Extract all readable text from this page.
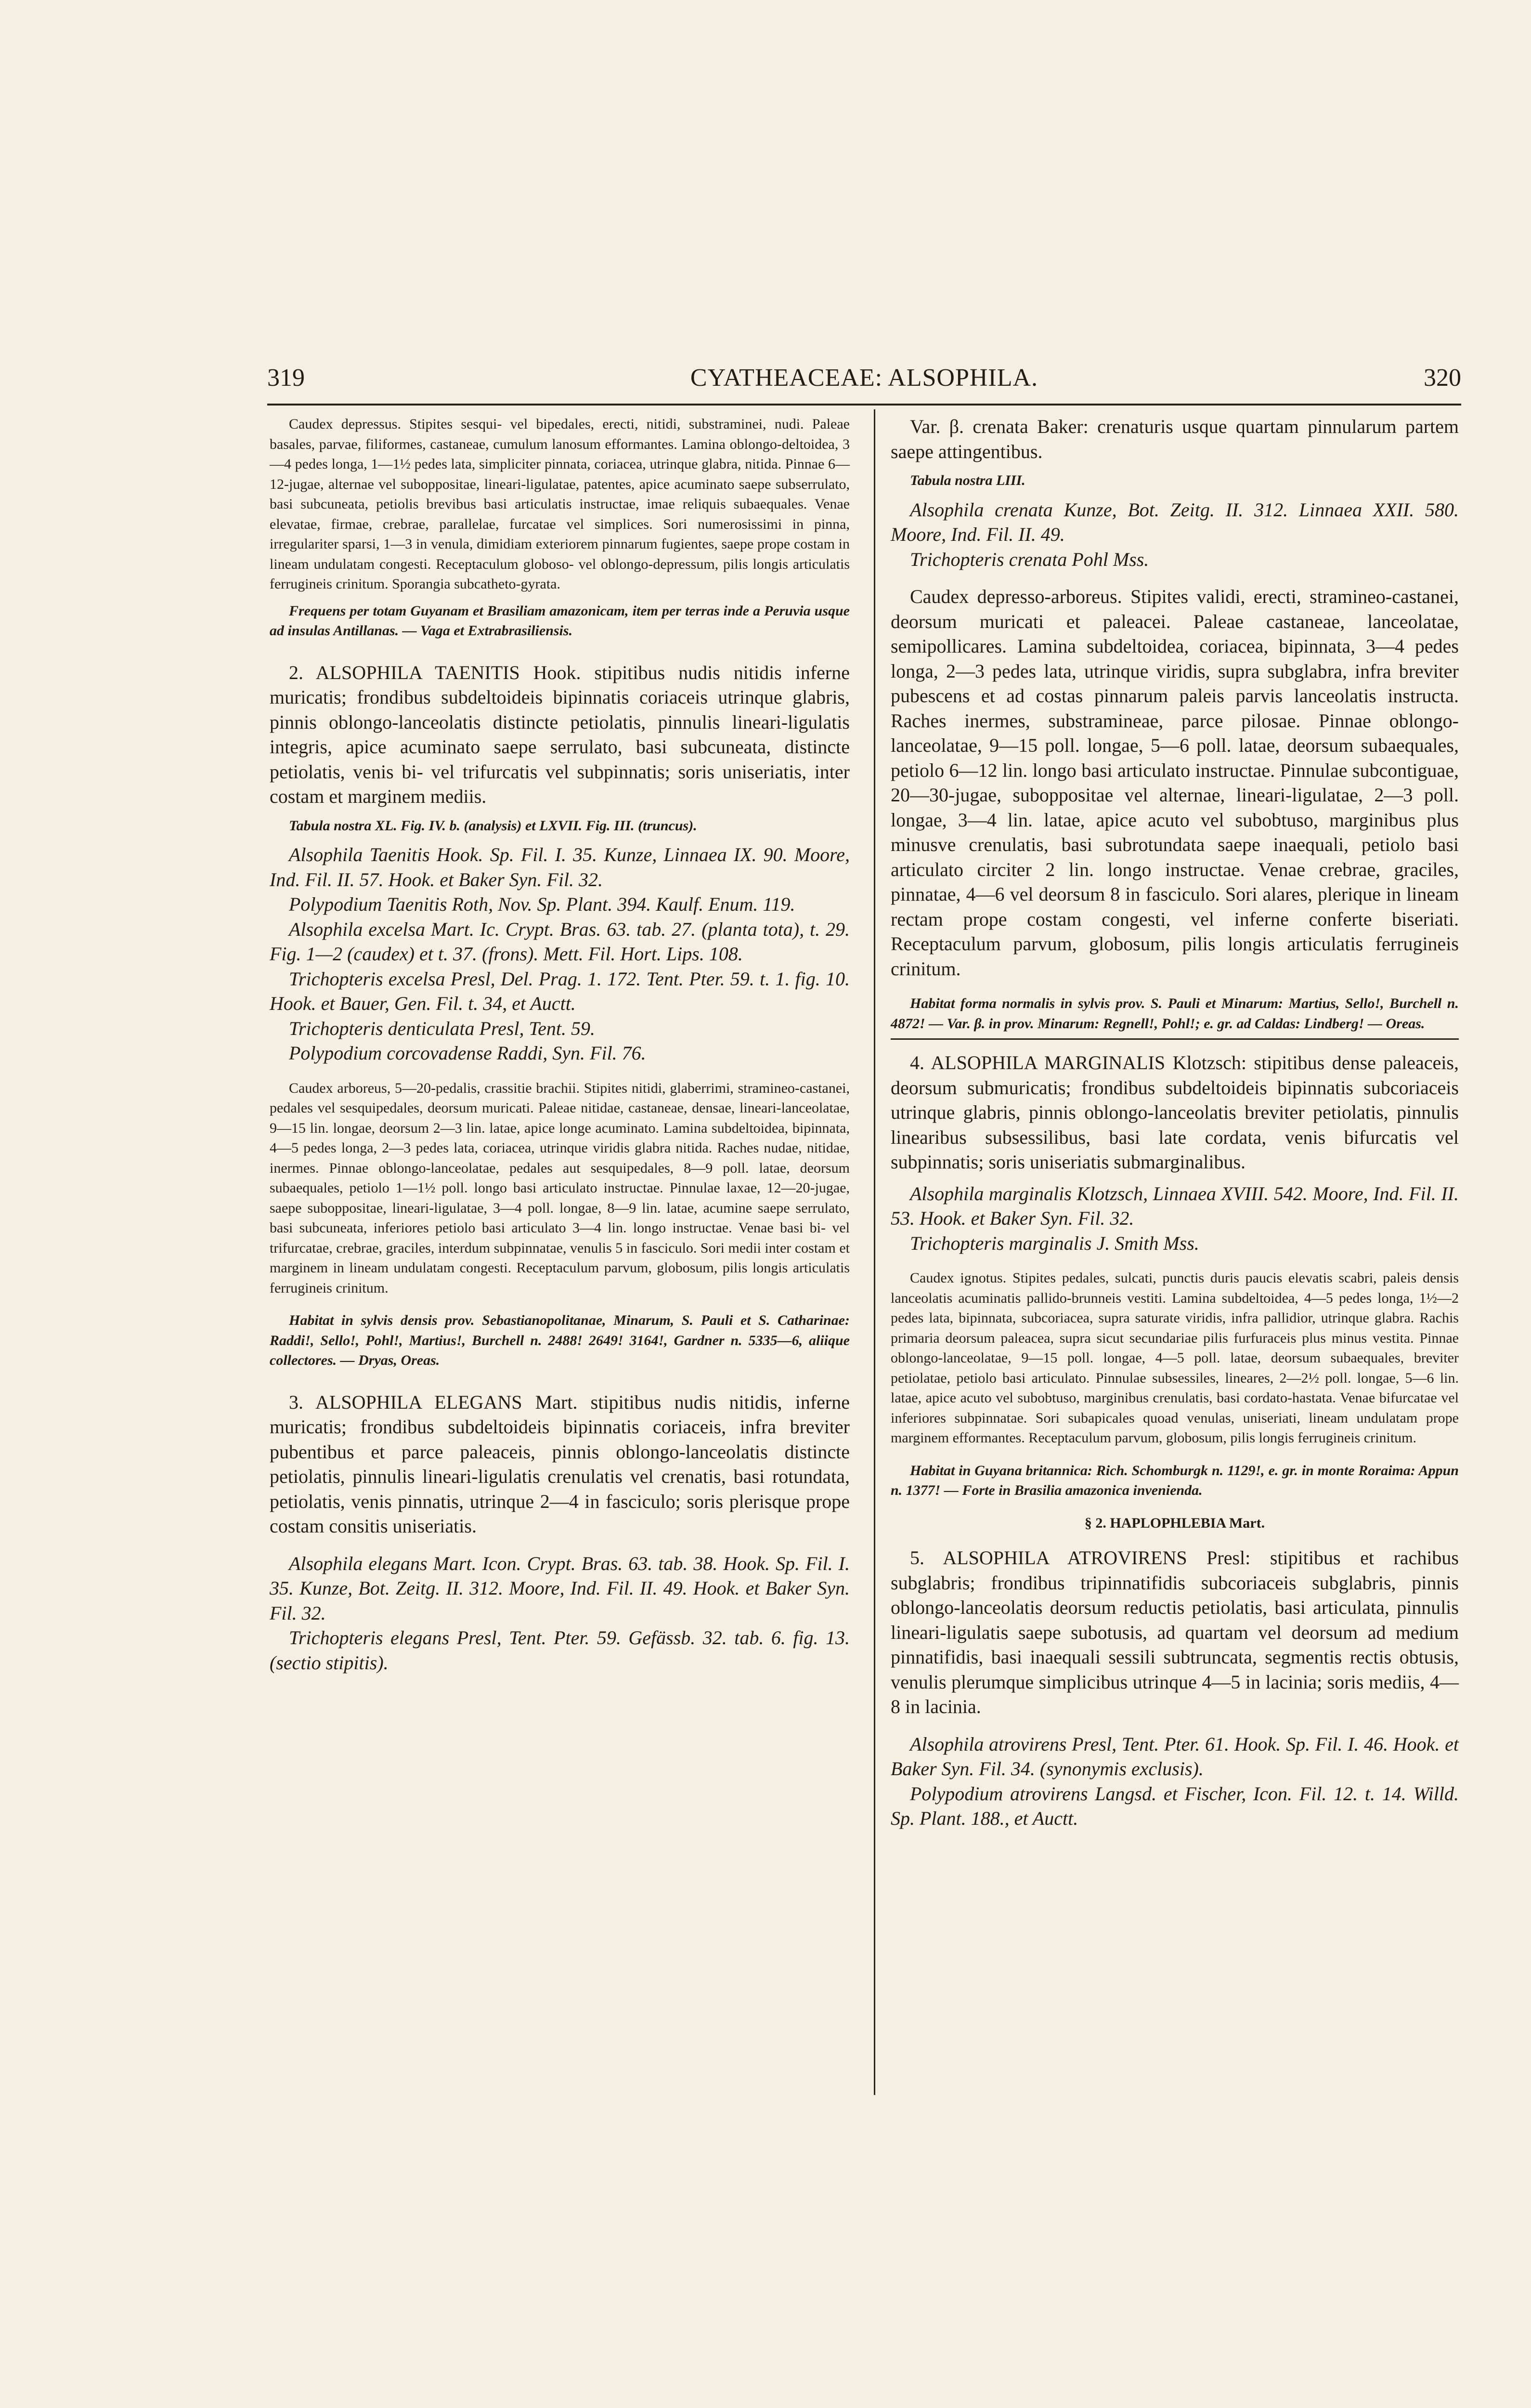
319	CYATHEACEAE: ALSOPHILA.	320

Caudex depressus. Stipites sesqui- vel bipedales, erecti, nitidi, substraminei, nudi. Paleae basales, parvae, filiformes, castaneae, cumulum lanosum efformantes. Lamina oblongo-deltoidea, 3—4 pedes longa, 1—1½ pedes lata, simpliciter pinnata, coriacea, utrinque glabra, nitida. Pinnae 6—12-jugae, alternae vel suboppositae, lineari-ligulatae, patentes, apice acuminato saepe subserrulato, basi subcuneata, petiolis brevibus basi articulatis instructae, imae reliquis subaequales. Venae elevatae, firmae, crebrae, parallelae, furcatae vel simplices. Sori numerosissimi in pinna, irregulariter sparsi, 1—3 in venula, dimidiam exteriorem pinnarum fugientes, saepe prope costam in lineam undulatam congesti. Receptaculum globoso- vel oblongo-depressum, pilis longis articulatis ferrugineis crinitum. Sporangia subcatheto-gyrata.

Frequens per totam Guyanam et Brasiliam amazonicam, item per terras inde a Peruvia usque ad insulas Antillanas. — Vaga et Extrabrasiliensis.

2. ALSOPHILA TAENITIS Hook. stipitibus nudis nitidis inferne muricatis; frondibus subdeltoideis bipinnatis coriaceis utrinque glabris, pinnis oblongo-lanceolatis distincte petiolatis, pinnulis lineari-ligulatis integris, apice acuminato saepe serrulato, basi subcuneata, distincte petiolatis, venis bi- vel trifurcatis vel subpinnatis; soris uniseriatis, inter costam et marginem mediis.

Tabula nostra XL. Fig. IV. b. (analysis) et LXVII. Fig. III. (truncus).

Alsophila Taenitis Hook. Sp. Fil. I. 35. Kunze, Linnaea IX. 90. Moore, Ind. Fil. II. 57. Hook. et Baker Syn. Fil. 32.

Polypodium Taenitis Roth, Nov. Sp. Plant. 394. Kaulf. Enum. 119.

Alsophila excelsa Mart. Ic. Crypt. Bras. 63. tab. 27. (planta tota), t. 29. Fig. 1—2 (caudex) et t. 37. (frons). Mett. Fil. Hort. Lips. 108.

Trichopteris excelsa Presl, Del. Prag. 1. 172. Tent. Pter. 59. t. 1. fig. 10. Hook. et Bauer, Gen. Fil. t. 34, et Auctt.

Trichopteris denticulata Presl, Tent. 59.

Polypodium corcovadense Raddi, Syn. Fil. 76.

Caudex arboreus, 5—20-pedalis, crassitie brachii. Stipites nitidi, glaberrimi, stramineo-castanei, pedales vel sesquipedales, deorsum muricati. Paleae nitidae, castaneae, densae, lineari-lanceolatae, 9—15 lin. longae, deorsum 2—3 lin. latae, apice longe acuminato. Lamina subdeltoidea, bipinnata, 4—5 pedes longa, 2—3 pedes lata, coriacea, utrinque viridis glabra nitida. Raches nudae, nitidae, inermes. Pinnae oblongo-lanceolatae, pedales aut sesquipedales, 8—9 poll. latae, deorsum subaequales, petiolo 1—1½ poll. longo basi articulato instructae. Pinnulae laxae, 12—20-jugae, saepe suboppositae, lineari-ligulatae, 3—4 poll. longae, 8—9 lin. latae, acumine saepe serrulato, basi subcuneata, inferiores petiolo basi articulato 3—4 lin. longo instructae. Venae basi bi- vel trifurcatae, crebrae, graciles, interdum subpinnatae, venulis 5 in fasciculo. Sori medii inter costam et marginem in lineam undulatam congesti. Receptaculum parvum, globosum, pilis longis articulatis ferrugineis crinitum.

Habitat in sylvis densis prov. Sebastianopolitanae, Minarum, S. Pauli et S. Catharinae: Raddi!, Sello!, Pohl!, Martius!, Burchell n. 2488! 2649! 3164!, Gardner n. 5335—6, aliique collectores. — Dryas, Oreas.

3. ALSOPHILA ELEGANS Mart. stipitibus nudis nitidis, inferne muricatis; frondibus subdeltoideis bipinnatis coriaceis, infra breviter pubentibus et parce paleaceis, pinnis oblongo-lanceolatis distincte petiolatis, pinnulis lineari-ligulatis crenulatis vel crenatis, basi rotundata, petiolatis, venis pinnatis, utrinque 2—4 in fasciculo; soris plerisque prope costam consitis uniseriatis.

Alsophila elegans Mart. Icon. Crypt. Bras. 63. tab. 38. Hook. Sp. Fil. I. 35. Kunze, Bot. Zeitg. II. 312. Moore, Ind. Fil. II. 49. Hook. et Baker Syn. Fil. 32.

Trichopteris elegans Presl, Tent. Pter. 59. Gefässb. 32. tab. 6. fig. 13. (sectio stipitis).

Var. β. crenata Baker: crenaturis usque quartam pinnularum partem saepe attingentibus.

Tabula nostra LIII.

Alsophila crenata Kunze, Bot. Zeitg. II. 312. Linnaea XXII. 580. Moore, Ind. Fil. II. 49.

Trichopteris crenata Pohl Mss.

Caudex depresso-arboreus. Stipites validi, erecti, stramineo-castanei, deorsum muricati et paleacei. Paleae castaneae, lanceolatae, semipollicares. Lamina subdeltoidea, coriacea, bipinnata, 3—4 pedes longa, 2—3 pedes lata, utrinque viridis, supra subglabra, infra breviter pubescens et ad costas pinnarum paleis parvis lanceolatis instructa. Raches inermes, substramineae, parce pilosae. Pinnae oblongo-lanceolatae, 9—15 poll. longae, 5—6 poll. latae, deorsum subaequales, petiolo 6—12 lin. longo basi articulato instructae. Pinnulae subcontiguae, 20—30-jugae, suboppositae vel alternae, lineari-ligulatae, 2—3 poll. longae, 3—4 lin. latae, apice acuto vel subobtuso, marginibus plus minusve crenulatis, basi subrotundata saepe inaequali, petiolo basi articulato circiter 2 lin. longo instructae. Venae crebrae, graciles, pinnatae, 4—6 vel deorsum 8 in fasciculo. Sori alares, plerique in lineam rectam prope costam congesti, vel inferne conferte biseriati. Receptaculum parvum, globosum, pilis longis articulatis ferrugineis crinitum.

Habitat forma normalis in sylvis prov. S. Pauli et Minarum: Martius, Sello!, Burchell n. 4872! — Var. β. in prov. Minarum: Regnell!, Pohl!; e. gr. ad Caldas: Lindberg! — Oreas.

4. ALSOPHILA MARGINALIS Klotzsch: stipitibus dense paleaceis, deorsum submuricatis; frondibus subdeltoideis bipinnatis subcoriaceis utrinque glabris, pinnis oblongo-lanceolatis breviter petiolatis, pinnulis linearibus subsessilibus, basi late cordata, venis bifurcatis vel subpinnatis; soris uniseriatis submarginalibus.

Alsophila marginalis Klotzsch, Linnaea XVIII. 542. Moore, Ind. Fil. II. 53. Hook. et Baker Syn. Fil. 32.

Trichopteris marginalis J. Smith Mss.

Caudex ignotus. Stipites pedales, sulcati, punctis duris paucis elevatis scabri, paleis densis lanceolatis acuminatis pallido-brunneis vestiti. Lamina subdeltoidea, 4—5 pedes longa, 1½—2 pedes lata, bipinnata, subcoriacea, supra saturate viridis, infra pallidior, utrinque glabra. Rachis primaria deorsum paleacea, supra sicut secundariae pilis furfuraceis plus minus vestita. Pinnae oblongo-lanceolatae, 9—15 poll. longae, 4—5 poll. latae, deorsum subaequales, breviter petiolatae, petiolo basi articulato. Pinnulae subsessiles, lineares, 2—2½ poll. longae, 5—6 lin. latae, apice acuto vel subobtuso, marginibus crenulatis, basi cordato-hastata. Venae bifurcatae vel inferiores subpinnatae. Sori subapicales quoad venulas, uniseriati, lineam undulatam prope marginem efformantes. Receptaculum parvum, globosum, pilis longis ferrugineis crinitum.

Habitat in Guyana britannica: Rich. Schomburgk n. 1129!, e. gr. in monte Roraima: Appun n. 1377! — Forte in Brasilia amazonica invenienda.

§ 2. HAPLOPHLEBIA Mart.

5. ALSOPHILA ATROVIRENS Presl: stipitibus et rachibus subglabris; frondibus tripinnatifidis subcoriaceis subglabris, pinnis oblongo-lanceolatis deorsum reductis petiolatis, basi articulata, pinnulis lineari-ligulatis saepe subotusis, ad quartam vel deorsum ad medium pinnatifidis, basi inaequali sessili subtruncata, segmentis rectis obtusis, venulis plerumque simplicibus utrinque 4—5 in lacinia; soris mediis, 4—8 in lacinia.

Alsophila atrovirens Presl, Tent. Pter. 61. Hook. Sp. Fil. I. 46. Hook. et Baker Syn. Fil. 34. (synonymis exclusis).

Polypodium atrovirens Langsd. et Fischer, Icon. Fil. 12. t. 14. Willd. Sp. Plant. 188., et Auctt.
